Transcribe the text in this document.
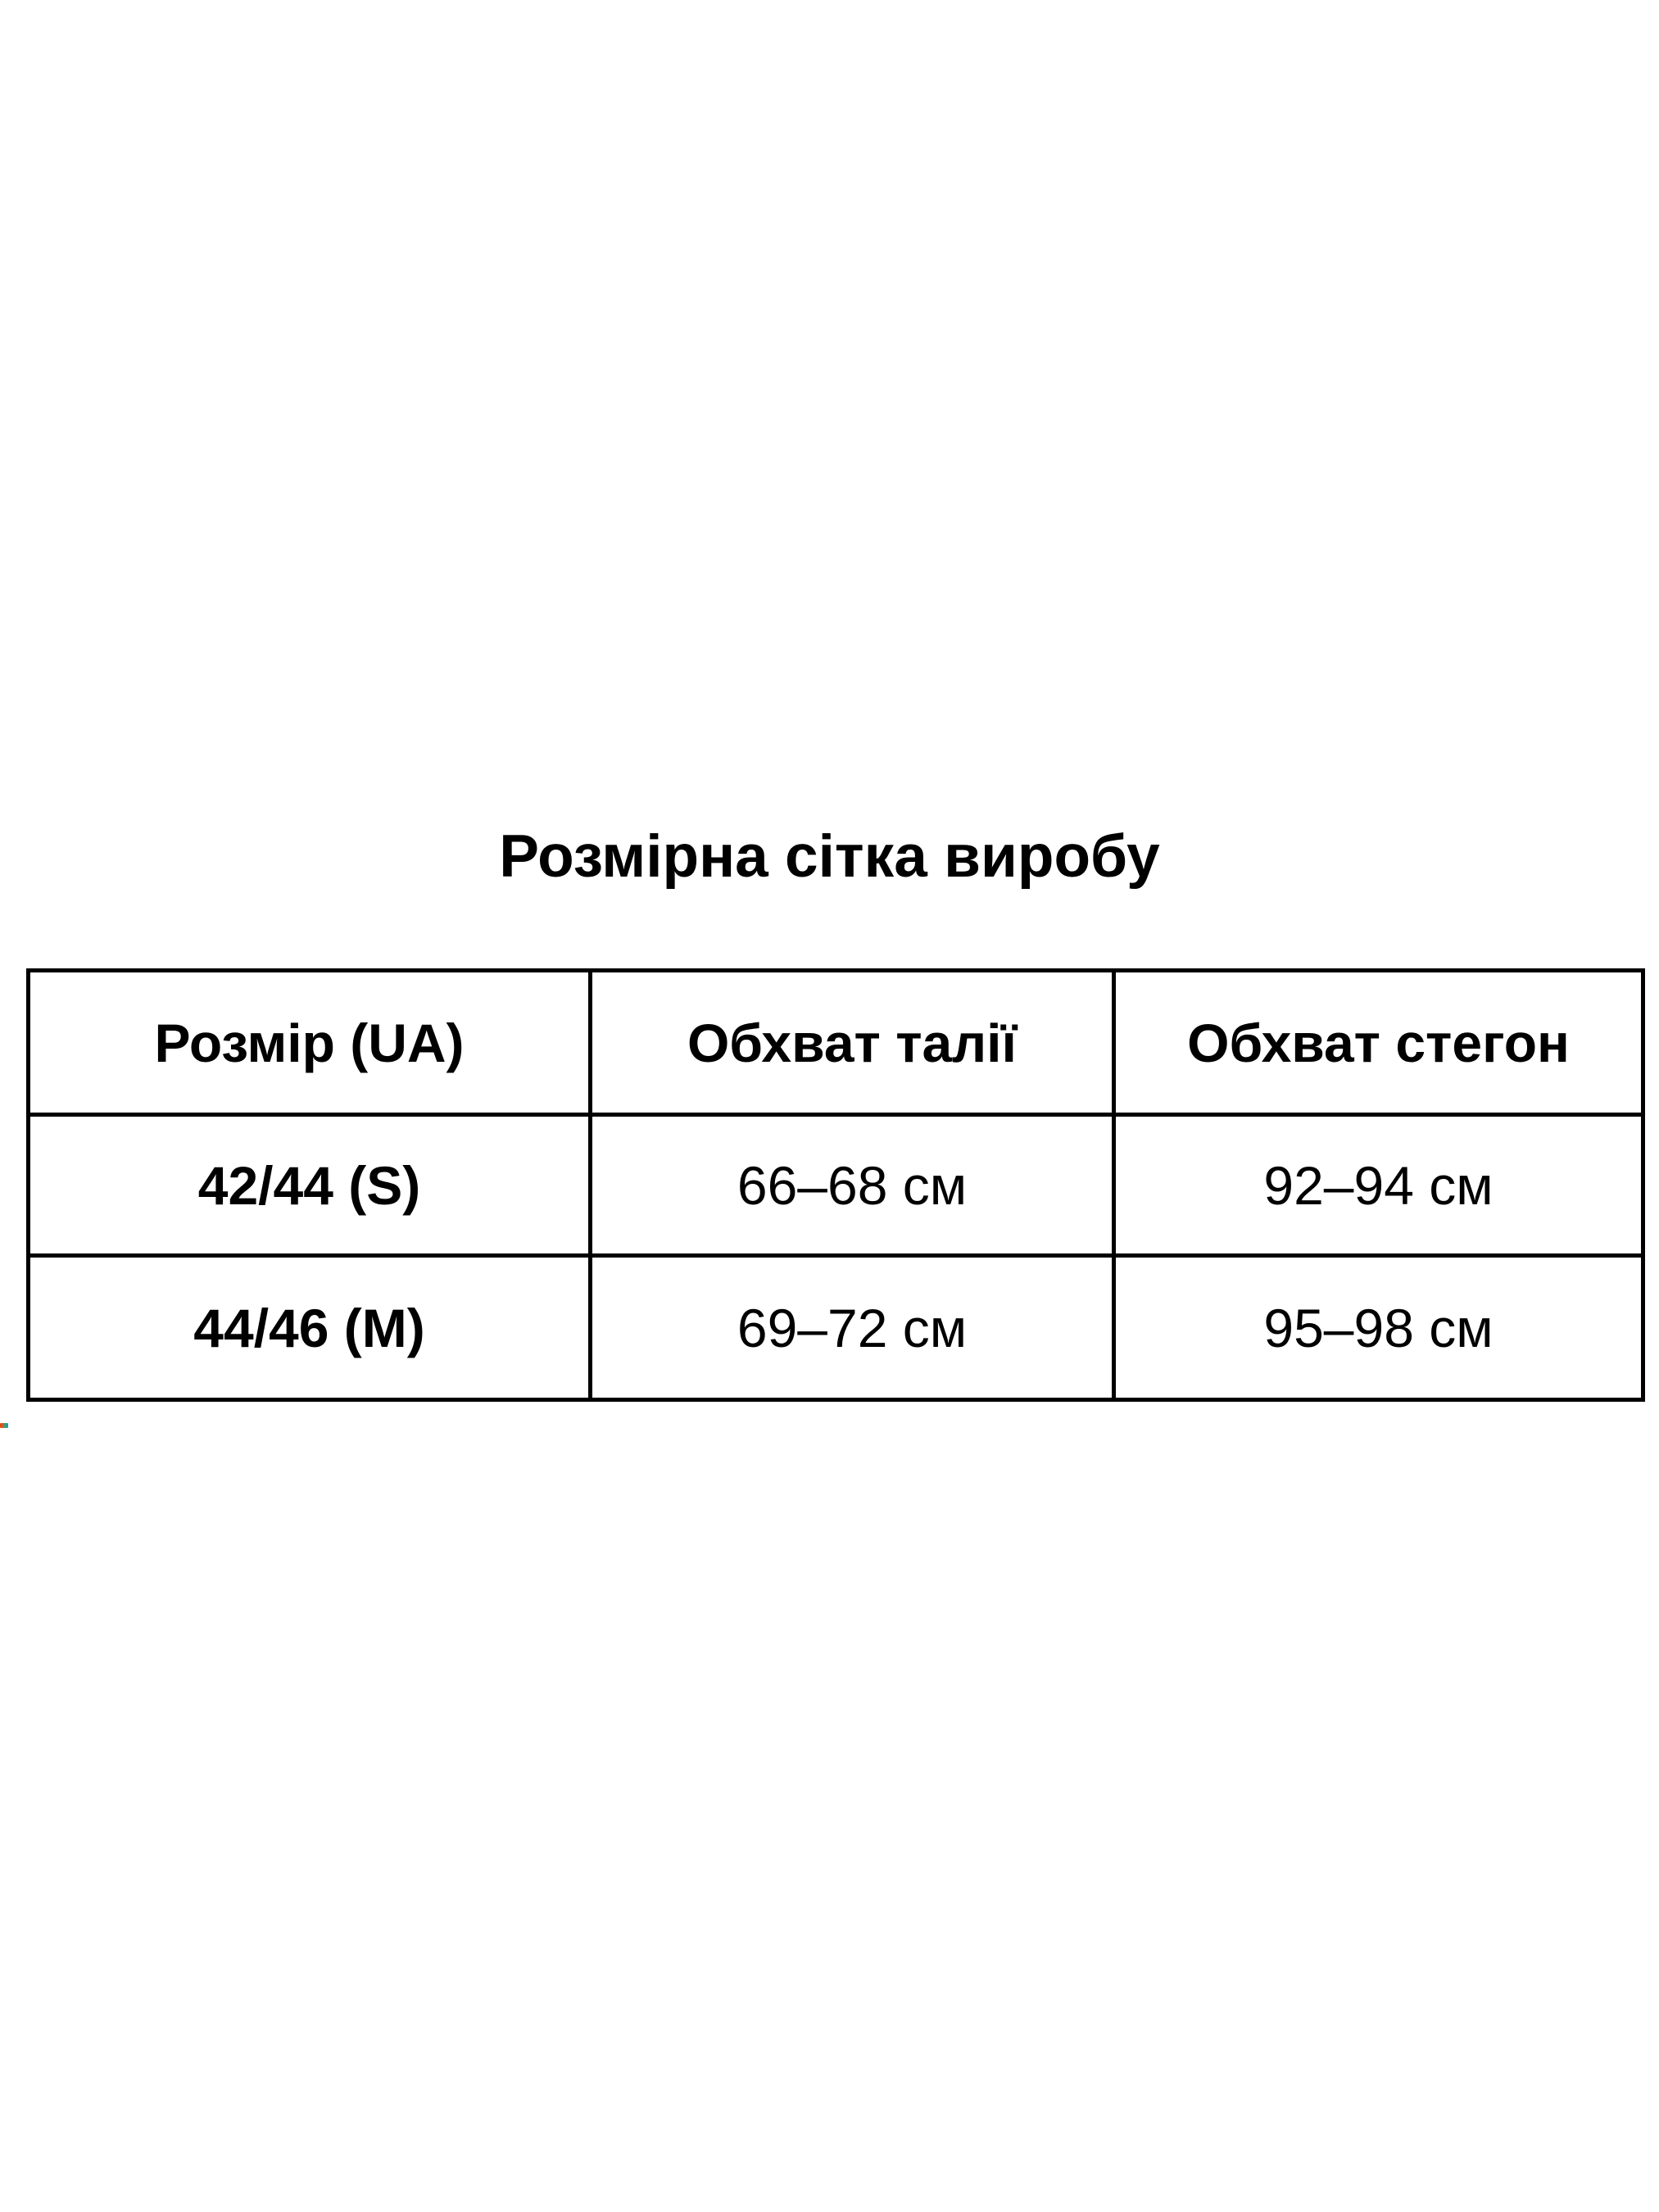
Розмірна сітка виробу
Розмір (UA)	Обхват талії	Обхват стегон
42/44 (S)	66–68 см	92–94 см
44/46 (M)	69–72 см	95–98 см
